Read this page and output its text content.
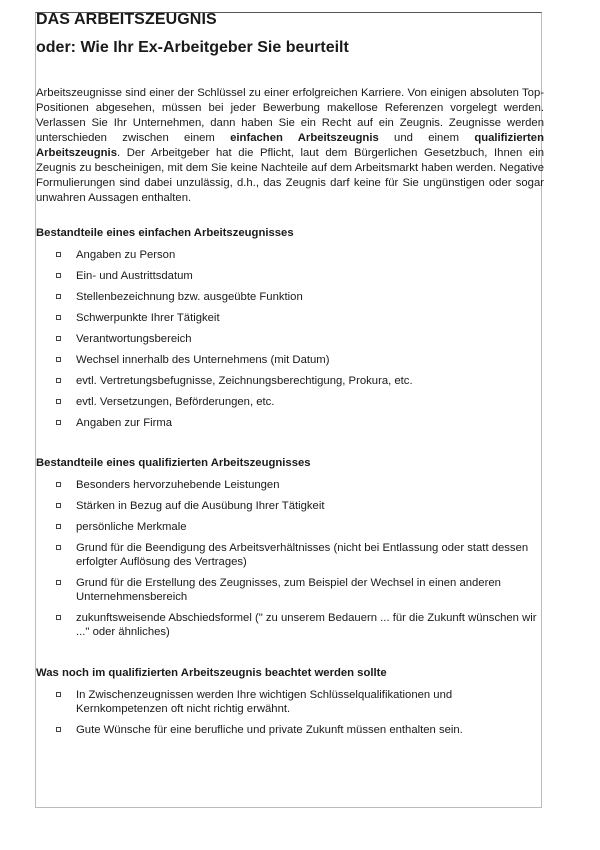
DAS ARBEITSZEUGNIS
oder: Wie Ihr Ex-Arbeitgeber Sie beurteilt

Arbeitszeugnisse sind einer der Schlüssel zu einer erfolgreichen Karriere. Von einigen absoluten Top-Positionen abgesehen, müssen bei jeder Bewerbung makellose Referenzen vorgelegt werden. Verlassen Sie Ihr Unternehmen, dann haben Sie ein Recht auf ein Zeugnis. Zeugnisse werden unterschieden zwischen einem einfachen Arbeitszeugnis und einem qualifizierten Arbeitszeugnis. Der Arbeitgeber hat die Pflicht, laut dem Bürgerlichen Gesetzbuch, Ihnen ein Zeugnis zu bescheinigen, mit dem Sie keine Nachteile auf dem Arbeitsmarkt haben werden. Negative Formulierungen sind dabei unzulässig, d.h., das Zeugnis darf keine für Sie ungünstigen oder sogar unwahren Aussagen enthalten.

Bestandteile eines einfachen Arbeitszeugnisses
Angaben zu Person
Ein- und Austrittsdatum
Stellenbezeichnung bzw. ausgeübte Funktion
Schwerpunkte Ihrer Tätigkeit
Verantwortungsbereich
Wechsel innerhalb des Unternehmens (mit Datum)
evtl. Vertretungsbefugnisse, Zeichnungsberechtigung, Prokura, etc.
evtl. Versetzungen, Beförderungen, etc.
Angaben zur Firma
Bestandteile eines qualifizierten Arbeitszeugnisses
Besonders hervorzuhebende Leistungen
Stärken in Bezug auf die Ausübung Ihrer Tätigkeit
persönliche Merkmale
Grund für die Beendigung des Arbeitsverhältnisses (nicht bei Entlassung oder statt dessen erfolgter Auflösung des Vertrages)
Grund für die Erstellung des Zeugnisses, zum Beispiel der Wechsel in einen anderen Unternehmensbereich
zukunftsweisende Abschiedsformel (" zu unserem Bedauern ... für die Zukunft wünschen wir ..." oder ähnliches)
Was noch im qualifizierten Arbeitszeugnis beachtet werden sollte
In Zwischenzeugnissen werden Ihre wichtigen Schlüsselqualifikationen und Kernkompetenzen oft nicht richtig erwähnt.
Gute Wünsche für eine berufliche und private Zukunft müssen enthalten sein.
